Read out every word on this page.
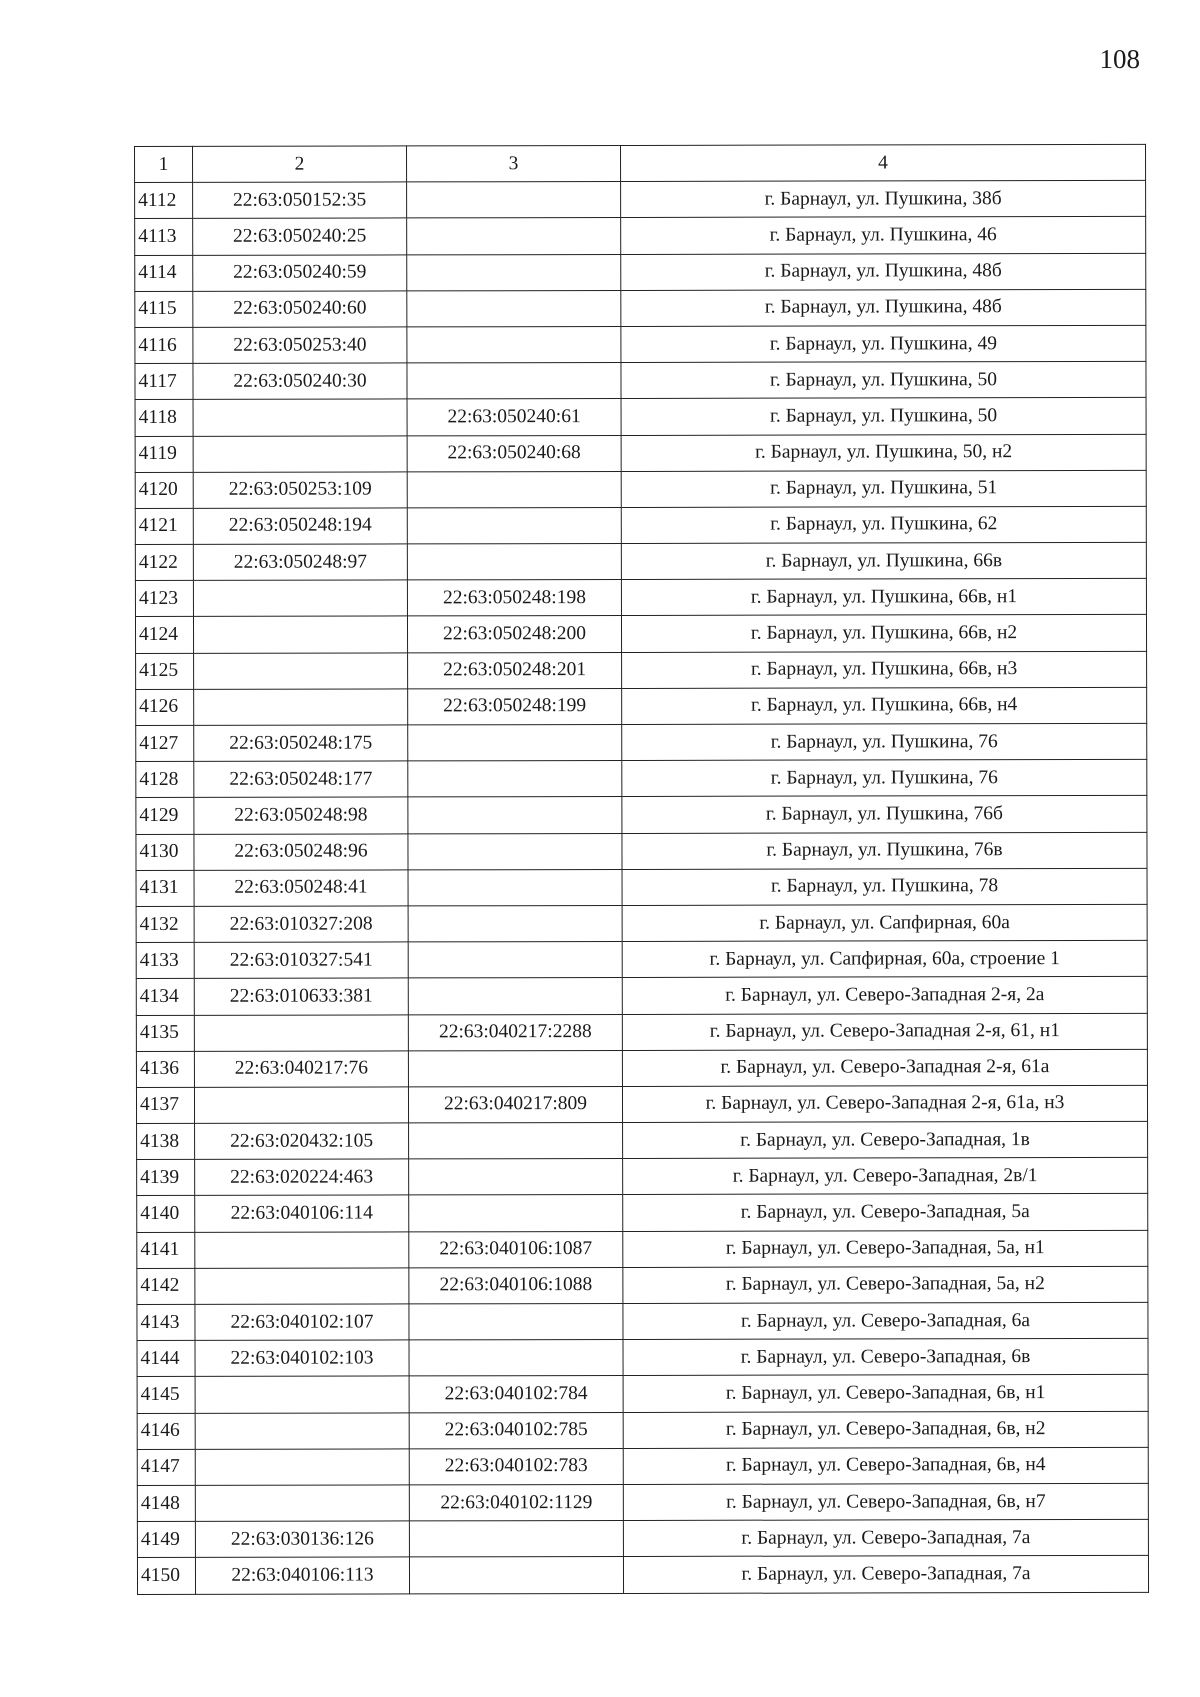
108
1	2	3	4
4112	22:63:050152:35		г. Барнаул, ул. Пушкина, 38б
4113	22:63:050240:25		г. Барнаул, ул. Пушкина, 46
4114	22:63:050240:59		г. Барнаул, ул. Пушкина, 48б
4115	22:63:050240:60		г. Барнаул, ул. Пушкина, 48б
4116	22:63:050253:40		г. Барнаул, ул. Пушкина, 49
4117	22:63:050240:30		г. Барнаул, ул. Пушкина, 50
4118		22:63:050240:61	г. Барнаул, ул. Пушкина, 50
4119		22:63:050240:68	г. Барнаул, ул. Пушкина, 50, н2
4120	22:63:050253:109		г. Барнаул, ул. Пушкина, 51
4121	22:63:050248:194		г. Барнаул, ул. Пушкина, 62
4122	22:63:050248:97		г. Барнаул, ул. Пушкина, 66в
4123		22:63:050248:198	г. Барнаул, ул. Пушкина, 66в, н1
4124		22:63:050248:200	г. Барнаул, ул. Пушкина, 66в, н2
4125		22:63:050248:201	г. Барнаул, ул. Пушкина, 66в, н3
4126		22:63:050248:199	г. Барнаул, ул. Пушкина, 66в, н4
4127	22:63:050248:175		г. Барнаул, ул. Пушкина, 76
4128	22:63:050248:177		г. Барнаул, ул. Пушкина, 76
4129	22:63:050248:98		г. Барнаул, ул. Пушкина, 76б
4130	22:63:050248:96		г. Барнаул, ул. Пушкина, 76в
4131	22:63:050248:41		г. Барнаул, ул. Пушкина, 78
4132	22:63:010327:208		г. Барнаул, ул. Сапфирная, 60а
4133	22:63:010327:541		г. Барнаул, ул. Сапфирная, 60а, строение 1
4134	22:63:010633:381		г. Барнаул, ул. Северо-Западная 2-я, 2а
4135		22:63:040217:2288	г. Барнаул, ул. Северо-Западная 2-я, 61, н1
4136	22:63:040217:76		г. Барнаул, ул. Северо-Западная 2-я, 61а
4137		22:63:040217:809	г. Барнаул, ул. Северо-Западная 2-я, 61а, н3
4138	22:63:020432:105		г. Барнаул, ул. Северо-Западная, 1в
4139	22:63:020224:463		г. Барнаул, ул. Северо-Западная, 2в/1
4140	22:63:040106:114		г. Барнаул, ул. Северо-Западная, 5а
4141		22:63:040106:1087	г. Барнаул, ул. Северо-Западная, 5а, н1
4142		22:63:040106:1088	г. Барнаул, ул. Северо-Западная, 5а, н2
4143	22:63:040102:107		г. Барнаул, ул. Северо-Западная, 6а
4144	22:63:040102:103		г. Барнаул, ул. Северо-Западная, 6в
4145		22:63:040102:784	г. Барнаул, ул. Северо-Западная, 6в, н1
4146		22:63:040102:785	г. Барнаул, ул. Северо-Западная, 6в, н2
4147		22:63:040102:783	г. Барнаул, ул. Северо-Западная, 6в, н4
4148		22:63:040102:1129	г. Барнаул, ул. Северо-Западная, 6в, н7
4149	22:63:030136:126		г. Барнаул, ул. Северо-Западная, 7а
4150	22:63:040106:113		г. Барнаул, ул. Северо-Западная, 7а
